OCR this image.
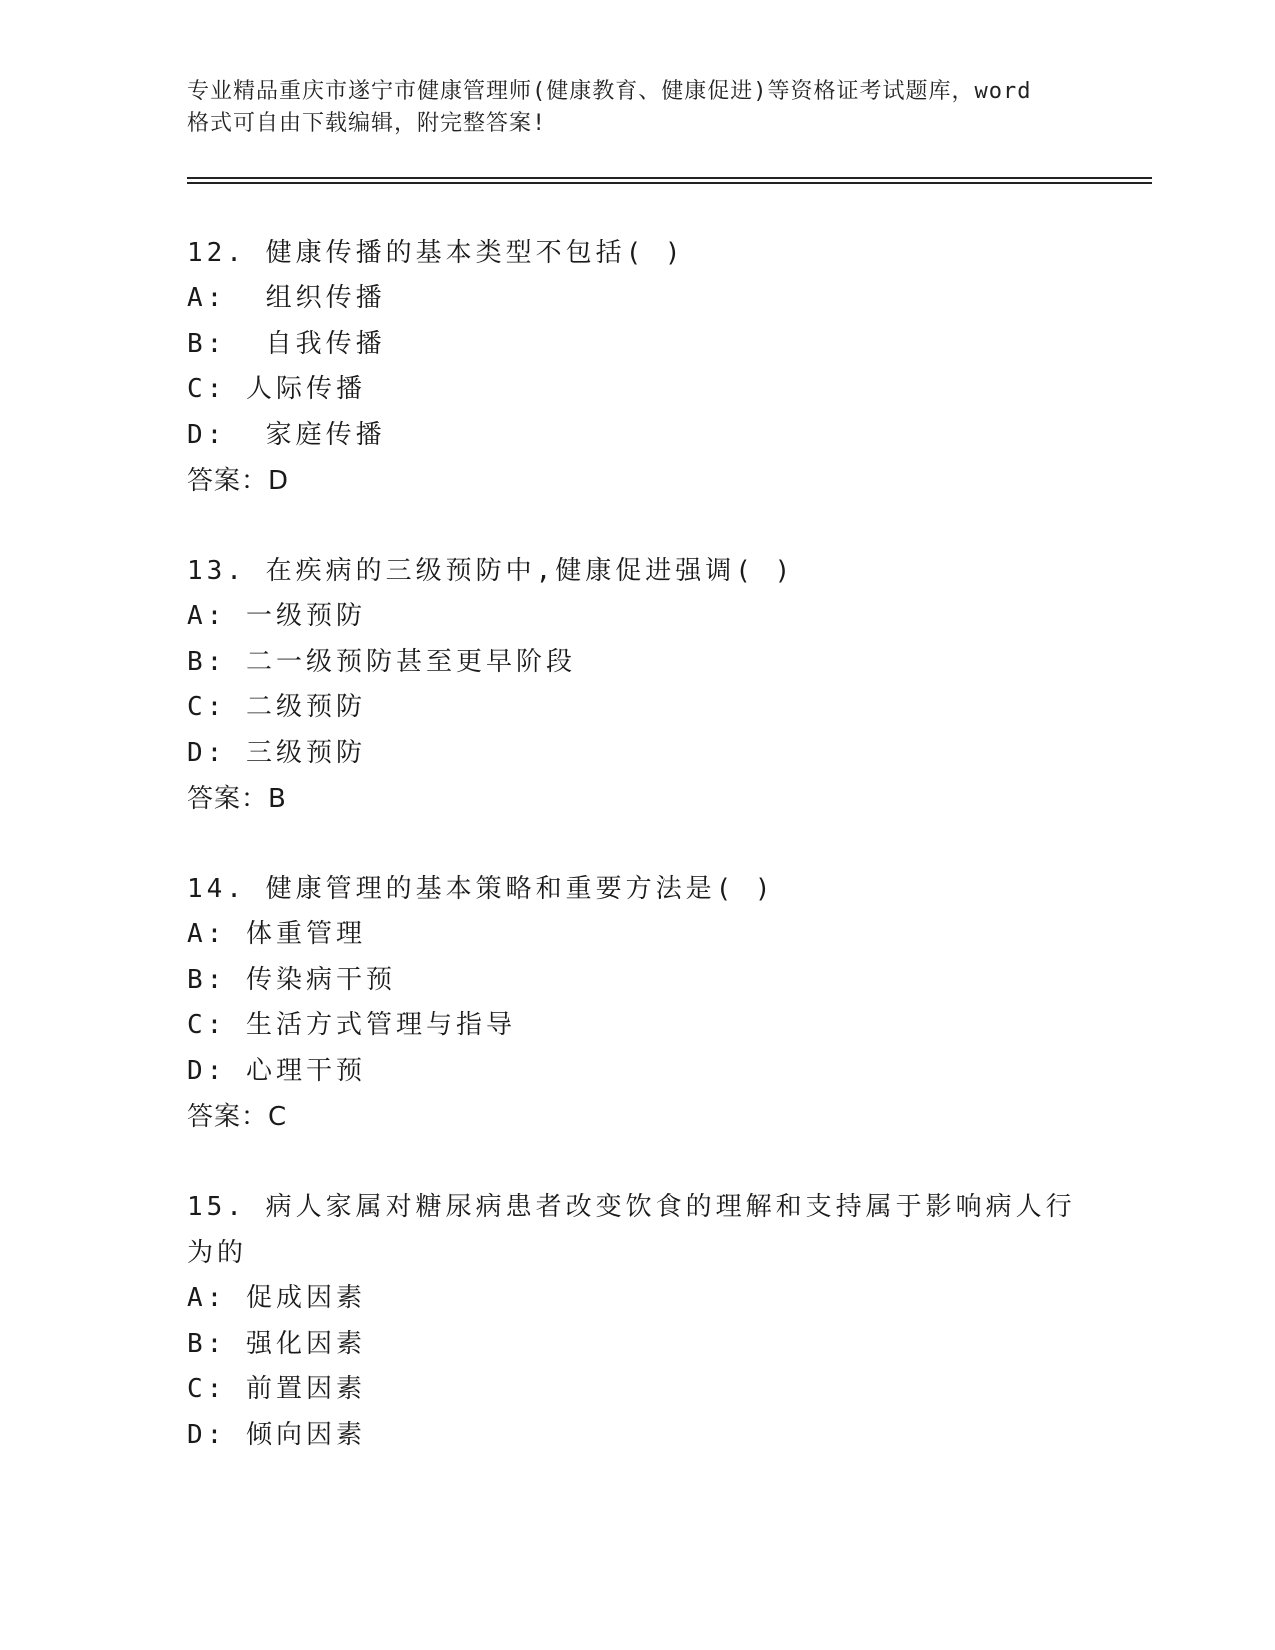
专业精品重庆市遂宁市健康管理师(健康教育、健康促进)等资格证考试题库，word
格式可自由下载编辑，附完整答案!

12. 健康传播的基本类型不包括( )

A:  组织传播

B:  自我传播

C: 人际传播

D:  家庭传播

答案：D

13. 在疾病的三级预防中,健康促进强调( )

A: 一级预防

B: 二一级预防甚至更早阶段

C: 二级预防

D: 三级预防

答案：B

14. 健康管理的基本策略和重要方法是( )

A: 体重管理

B: 传染病干预

C: 生活方式管理与指导

D: 心理干预

答案：C

15. 病人家属对糖尿病患者改变饮食的理解和支持属于影响病人行为的

A: 促成因素

B: 强化因素

C: 前置因素

D: 倾向因素
